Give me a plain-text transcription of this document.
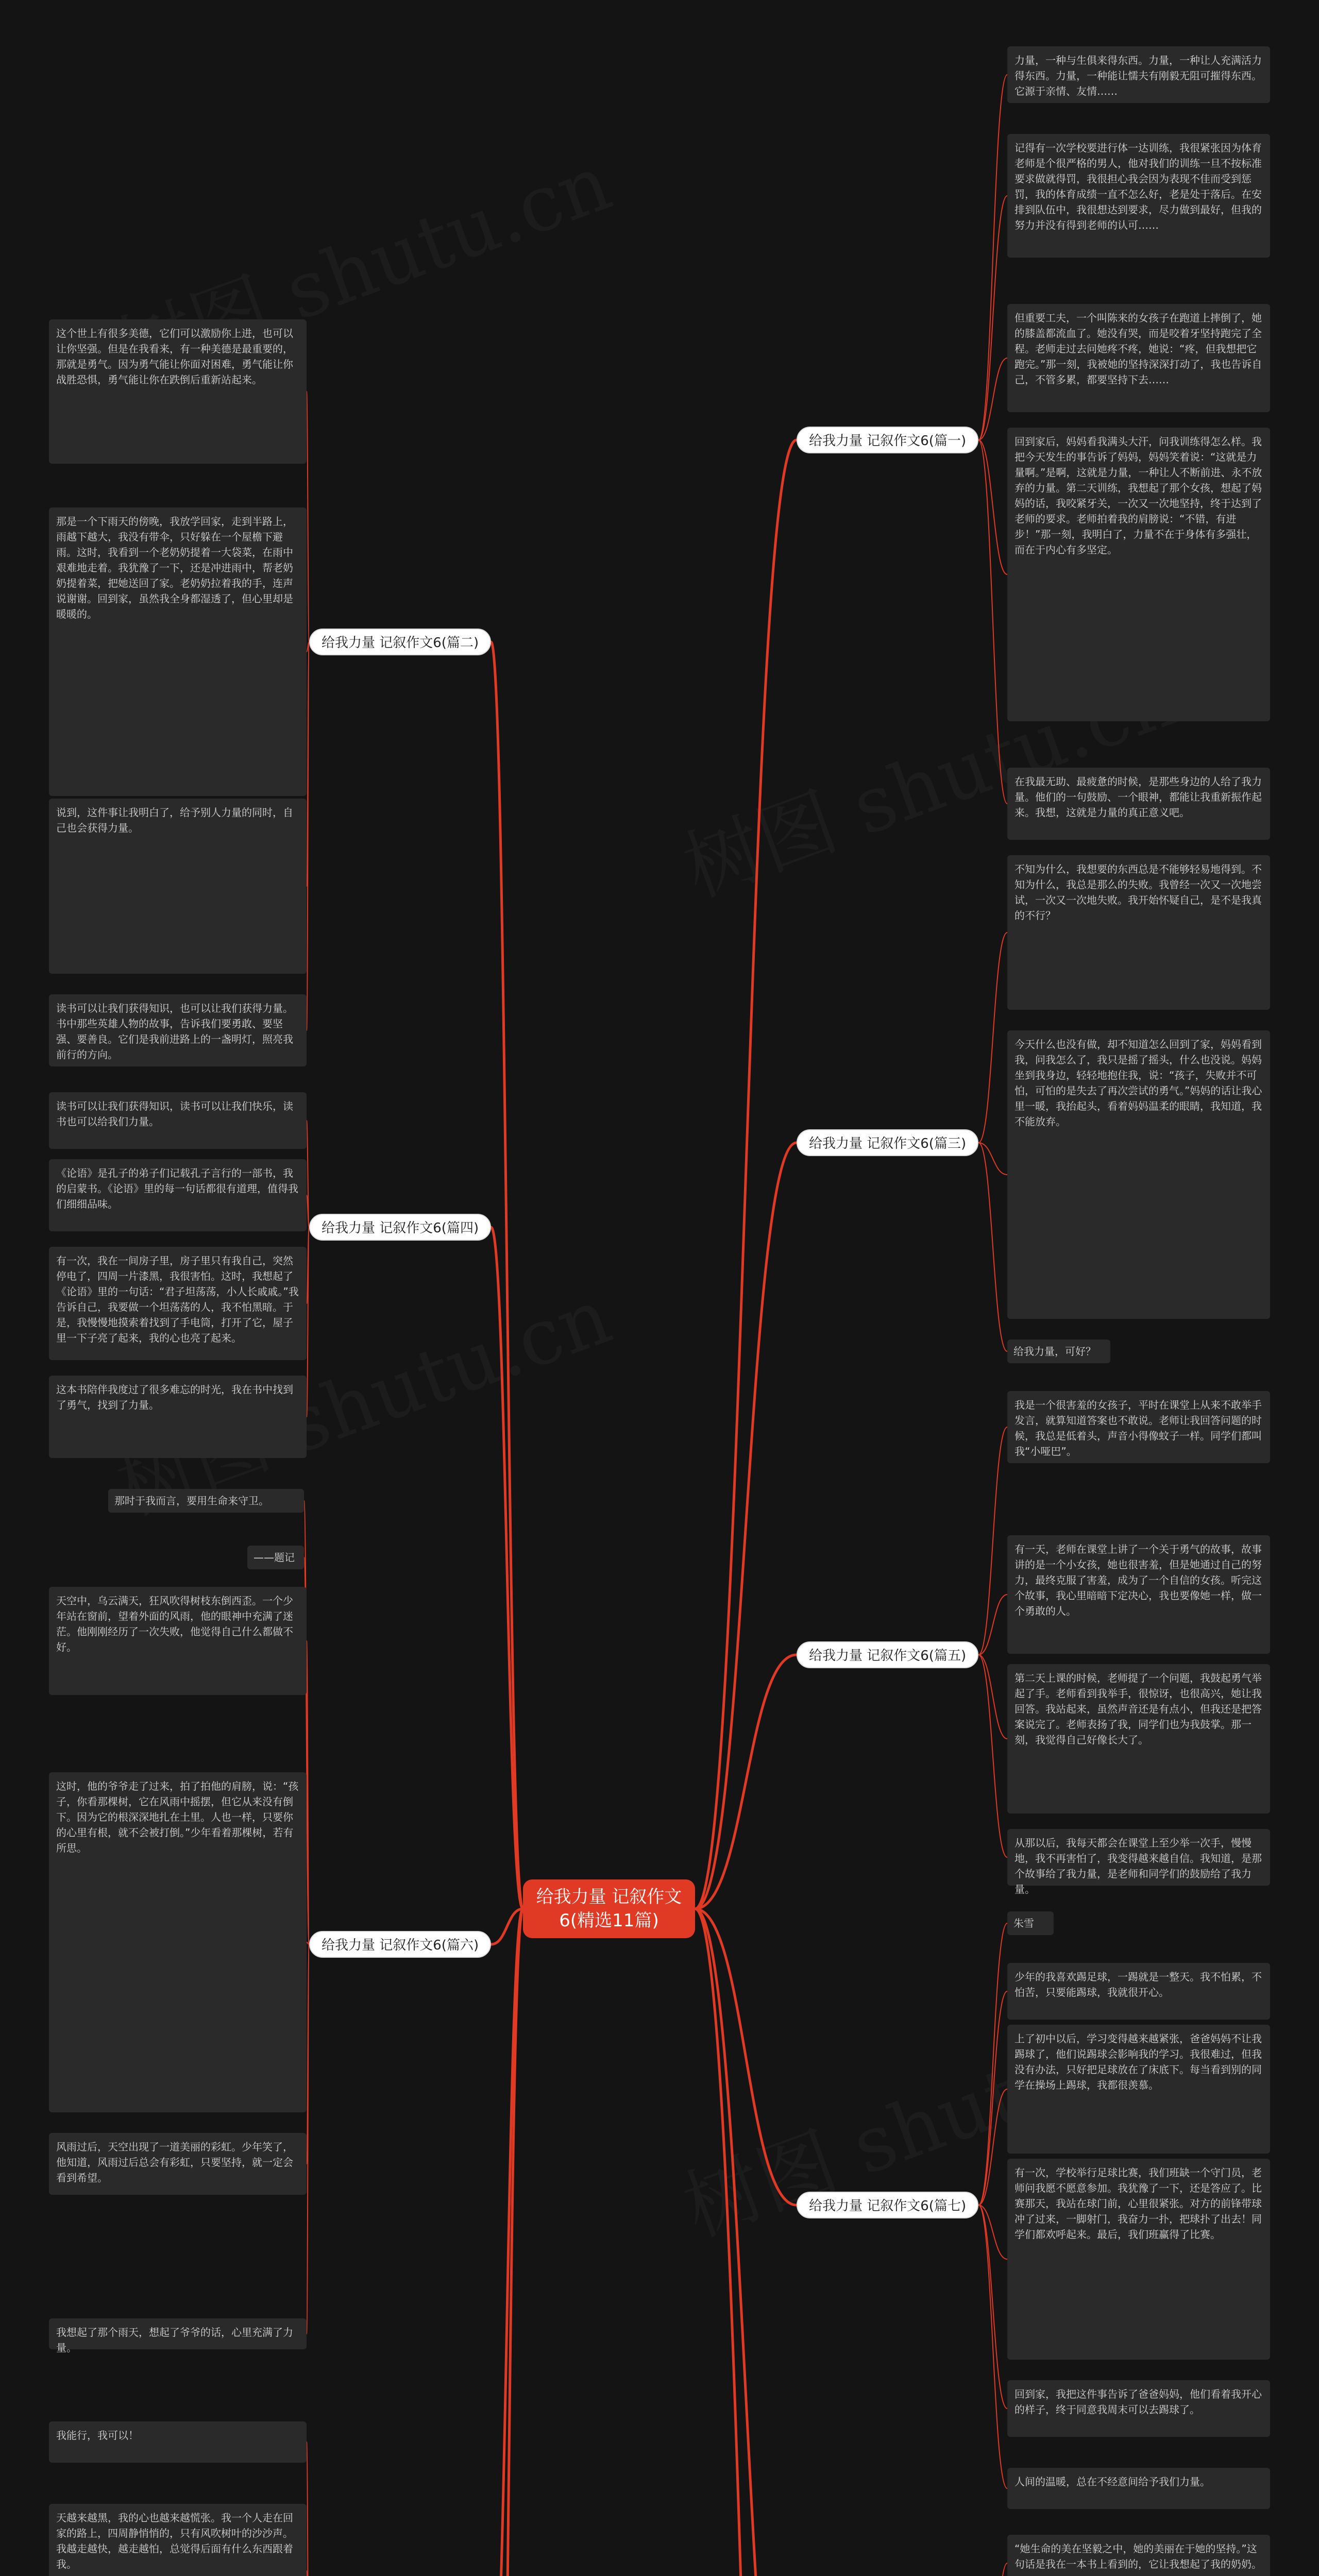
给我力量 记叙作文6(精选11篇)
给我力量 记叙作文6(篇一)
给我力量 记叙作文6(篇三)
给我力量 记叙作文6(篇五)
给我力量 记叙作文6(篇七)
给我力量 记叙作文6(篇二)
给我力量 记叙作文6(篇四)
给我力量 记叙作文6(篇六)
力量，一种与生俱来得东西。力量，一种让人充满活力得东西。力量，一种能让懦夫有刚毅无阻可摧得东西。它源于亲情、友情……
记得有一次学校要进行体一达训练，我很紧张因为体育老师是个很严格的男人，他对我们的训练一旦不按标准要求做就得罚，我很担心我会因为表现不佳而受到惩罚，我的体育成绩一直不怎么好，老是处于落后。在安排到队伍中，我很想达到要求，尽力做到最好，但我的努力并没有得到老师的认可……
但重要工夫，一个叫陈来的女孩子在跑道上摔倒了，她的膝盖都流血了。她没有哭，而是咬着牙坚持跑完了全程。老师走过去问她疼不疼，她说：“疼，但我想把它跑完。”那一刻，我被她的坚持深深打动了，我也告诉自己，不管多累，都要坚持下去……
回到家后，妈妈看我满头大汗，问我训练得怎么样。我把今天发生的事告诉了妈妈，妈妈笑着说：“这就是力量啊。”是啊，这就是力量，一种让人不断前进、永不放弃的力量。第二天训练，我想起了那个女孩，想起了妈妈的话，我咬紧牙关，一次又一次地坚持，终于达到了老师的要求。老师拍着我的肩膀说：“不错，有进步！”那一刻，我明白了，力量不在于身体有多强壮，而在于内心有多坚定。
在我最无助、最疲惫的时候，是那些身边的人给了我力量。他们的一句鼓励、一个眼神，都能让我重新振作起来。我想，这就是力量的真正意义吧。
不知为什么，我想要的东西总是不能够轻易地得到。不知为什么，我总是那么的失败。我曾经一次又一次地尝试，一次又一次地失败。我开始怀疑自己，是不是我真的不行？
今天什么也没有做，却不知道怎么回到了家，妈妈看到我，问我怎么了，我只是摇了摇头，什么也没说。妈妈坐到我身边，轻轻地抱住我，说：“孩子，失败并不可怕，可怕的是失去了再次尝试的勇气。”妈妈的话让我心里一暖，我抬起头，看着妈妈温柔的眼睛，我知道，我不能放弃。
给我力量，可好？
我是一个很害羞的女孩子，平时在课堂上从来不敢举手发言，就算知道答案也不敢说。老师让我回答问题的时候，我总是低着头，声音小得像蚊子一样。同学们都叫我“小哑巴”。
有一天，老师在课堂上讲了一个关于勇气的故事，故事讲的是一个小女孩，她也很害羞，但是她通过自己的努力，最终克服了害羞，成为了一个自信的女孩。听完这个故事，我心里暗暗下定决心，我也要像她一样，做一个勇敢的人。
第二天上课的时候，老师提了一个问题，我鼓起勇气举起了手。老师看到我举手，很惊讶，也很高兴，她让我回答。我站起来，虽然声音还是有点小，但我还是把答案说完了。老师表扬了我，同学们也为我鼓掌。那一刻，我觉得自己好像长大了。
从那以后，我每天都会在课堂上至少举一次手，慢慢地，我不再害怕了，我变得越来越自信。我知道，是那个故事给了我力量，是老师和同学们的鼓励给了我力量。
朱雪
少年的我喜欢踢足球，一踢就是一整天。我不怕累，不怕苦，只要能踢球，我就很开心。
上了初中以后，学习变得越来越紧张，爸爸妈妈不让我踢球了，他们说踢球会影响我的学习。我很难过，但我没有办法，只好把足球放在了床底下。每当看到别的同学在操场上踢球，我都很羡慕。
有一次，学校举行足球比赛，我们班缺一个守门员，老师问我愿不愿意参加。我犹豫了一下，还是答应了。比赛那天，我站在球门前，心里很紧张。对方的前锋带球冲了过来，一脚射门，我奋力一扑，把球扑了出去！同学们都欢呼起来。最后，我们班赢得了比赛。
回到家，我把这件事告诉了爸爸妈妈，他们看着我开心的样子，终于同意我周末可以去踢球了。
人间的温暖，总在不经意间给予我们力量。
“她生命的美在坚毅之中，她的美丽在于她的坚持。”这句话是我在一本书上看到的，它让我想起了我的奶奶。
这个世上有很多美德，它们可以激励你上进，也可以让你坚强。但是在我看来，有一种美德是最重要的，那就是勇气。因为勇气能让你面对困难，勇气能让你战胜恐惧，勇气能让你在跌倒后重新站起来。
那是一个下雨天的傍晚，我放学回家，走到半路上，雨越下越大，我没有带伞，只好躲在一个屋檐下避雨。这时，我看到一个老奶奶提着一大袋菜，在雨中艰难地走着。我犹豫了一下，还是冲进雨中，帮老奶奶提着菜，把她送回了家。老奶奶拉着我的手，连声说谢谢。回到家，虽然我全身都湿透了，但心里却是暖暖的。
说到，这件事让我明白了，给予别人力量的同时，自己也会获得力量。
读书可以让我们获得知识，也可以让我们获得力量。书中那些英雄人物的故事，告诉我们要勇敢、要坚强、要善良。它们是我前进路上的一盏明灯，照亮我前行的方向。
读书可以让我们获得知识，读书可以让我们快乐，读书也可以给我们力量。
《论语》是孔子的弟子们记载孔子言行的一部书，我的启蒙书。《论语》里的每一句话都很有道理，值得我们细细品味。
有一次，我在一间房子里，房子里只有我自己，突然停电了，四周一片漆黑，我很害怕。这时，我想起了《论语》里的一句话：“君子坦荡荡，小人长戚戚。”我告诉自己，我要做一个坦荡荡的人，我不怕黑暗。于是，我慢慢地摸索着找到了手电筒，打开了它，屋子里一下子亮了起来，我的心也亮了起来。
这本书陪伴我度过了很多难忘的时光，我在书中找到了勇气，找到了力量。
那时于我而言，要用生命来守卫。
——题记
天空中，乌云满天，狂风吹得树枝东倒西歪。一个少年站在窗前，望着外面的风雨，他的眼神中充满了迷茫。他刚刚经历了一次失败，他觉得自己什么都做不好。
这时，他的爷爷走了过来，拍了拍他的肩膀，说：“孩子，你看那棵树，它在风雨中摇摆，但它从来没有倒下。因为它的根深深地扎在土里。人也一样，只要你的心里有根，就不会被打倒。”少年看着那棵树，若有所思。
风雨过后，天空出现了一道美丽的彩虹。少年笑了，他知道，风雨过后总会有彩虹，只要坚持，就一定会看到希望。
我想起了那个雨天，想起了爷爷的话，心里充满了力量。
我能行，我可以！
天越来越黑，我的心也越来越慌张。我一个人走在回家的路上，四周静悄悄的，只有风吹树叶的沙沙声。我越走越快，越走越怕，总觉得后面有什么东西跟着我。
